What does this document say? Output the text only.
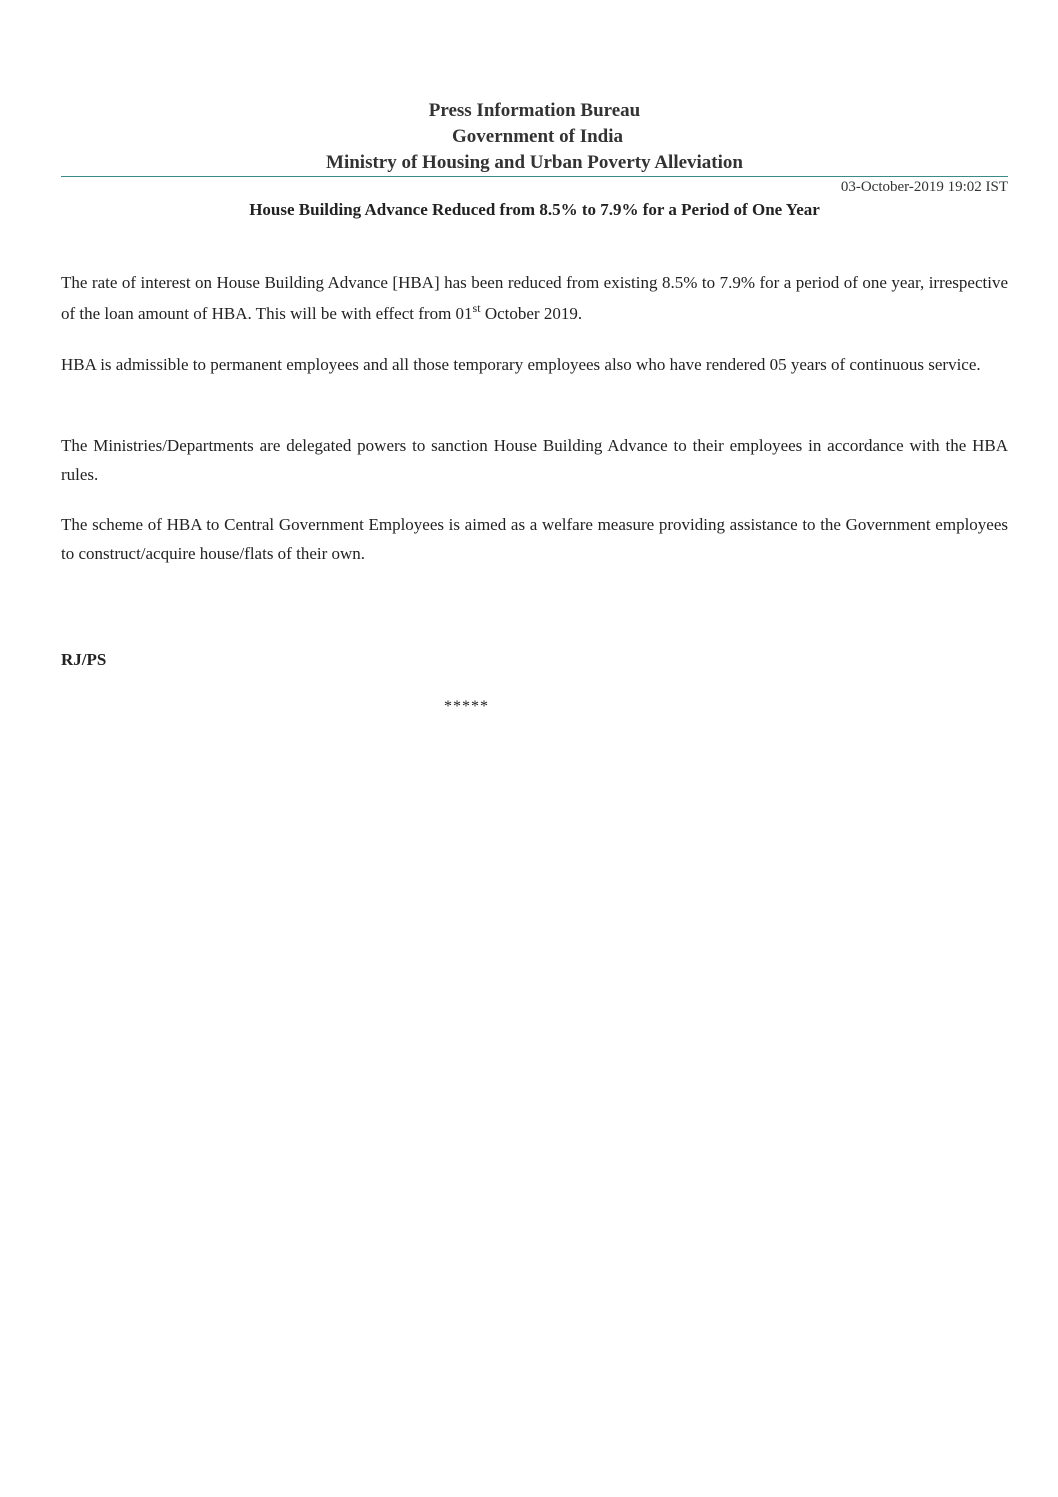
Press Information Bureau
Government of India
Ministry of Housing and Urban Poverty Alleviation
03-October-2019 19:02 IST
House Building Advance Reduced from 8.5% to 7.9% for a Period of One Year

The rate of interest on House Building Advance [HBA] has been reduced from existing 8.5% to 7.9% for a period of one year, irrespective of the loan amount of HBA. This will be with effect from 01st October 2019.

HBA is admissible to permanent employees and all those temporary employees also who have rendered 05 years of continuous service.

The Ministries/Departments are delegated powers to sanction House Building Advance to their employees in accordance with the HBA rules.

The scheme of HBA to Central Government Employees is aimed as a welfare measure providing assistance to the Government employees to construct/acquire house/flats of their own.

RJ/PS
*****
